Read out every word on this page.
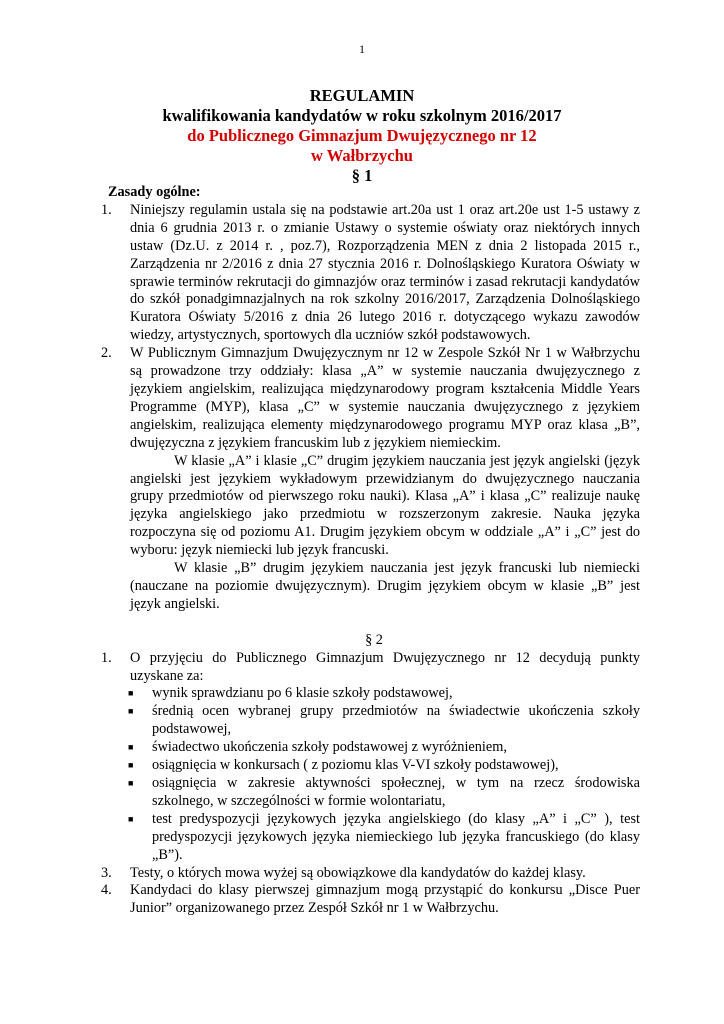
1
REGULAMIN
kwalifikowania kandydatów w roku szkolnym 2016/2017
do Publicznego Gimnazjum Dwujęzycznego nr 12
w Wałbrzychu
§ 1
Zasady ogólne:
1. Niniejszy regulamin ustala się na podstawie art.20a ust 1 oraz art.20e ust 1-5 ustawy z dnia 6 grudnia 2013 r. o zmianie Ustawy o systemie oświaty oraz niektórych innych ustaw (Dz.U. z 2014 r. , poz.7), Rozporządzenia MEN z dnia 2 listopada 2015 r., Zarządzenia nr 2/2016 z dnia 27 stycznia 2016 r. Dolnośląskiego Kuratora Oświaty w sprawie terminów rekrutacji do gimnazjów oraz terminów i zasad rekrutacji kandydatów do szkół ponadgimnazjalnych na rok szkolny 2016/2017, Zarządzenia Dolnośląskiego Kuratora Oświaty 5/2016 z dnia 26 lutego 2016 r. dotyczącego wykazu zawodów wiedzy, artystycznych, sportowych dla uczniów szkół podstawowych.
2. W Publicznym Gimnazjum Dwujęzycznym nr 12 w Zespole Szkół Nr 1 w Wałbrzychu są prowadzone trzy oddziały: klasa „A” w systemie nauczania dwujęzycznego z językiem angielskim, realizująca międzynarodowy program kształcenia Middle Years Programme (MYP), klasa „C” w systemie nauczania dwujęzycznego z językiem angielskim, realizująca elementy międzynarodowego programu MYP oraz klasa „B”, dwujęzyczna z językiem francuskim lub z językiem niemieckim.
W klasie „A” i klasie „C” drugim językiem nauczania jest język angielski (język angielski jest językiem wykładowym przewidzianym do dwujęzycznego nauczania grupy przedmiotów od pierwszego roku nauki). Klasa „A” i klasa „C” realizuje naukę języka angielskiego jako przedmiotu w rozszerzonym zakresie. Nauka języka rozpoczyna się od poziomu A1. Drugim językiem obcym w oddziale „A” i „C” jest do wyboru: język niemiecki lub język francuski.
W klasie „B” drugim językiem nauczania jest język francuski lub niemiecki (nauczane na poziomie dwujęzycznym). Drugim językiem obcym w klasie „B” jest język angielski.
§ 2
1. O przyjęciu do Publicznego Gimnazjum Dwujęzycznego nr 12 decydują punkty uzyskane za:
■ wynik sprawdzianu po 6 klasie szkoły podstawowej,
■ średnią ocen wybranej grupy przedmiotów na świadectwie ukończenia szkoły podstawowej,
■ świadectwo ukończenia szkoły podstawowej z wyróżnieniem,
■ osiągnięcia w konkursach ( z poziomu klas V-VI szkoły podstawowej),
■ osiągnięcia w zakresie aktywności społecznej, w tym na rzecz środowiska szkolnego, w szczególności w formie wolontariatu,
■ test predyspozycji językowych języka angielskiego (do klasy „A” i „C” ), test predyspozycji językowych języka niemieckiego lub języka francuskiego (do klasy „B”).
3. Testy, o których mowa wyżej są obowiązkowe dla kandydatów do każdej klasy.
4. Kandydaci do klasy pierwszej gimnazjum mogą przystąpić do konkursu „Disce Puer Junior” organizowanego przez Zespół Szkół nr 1 w Wałbrzychu.
